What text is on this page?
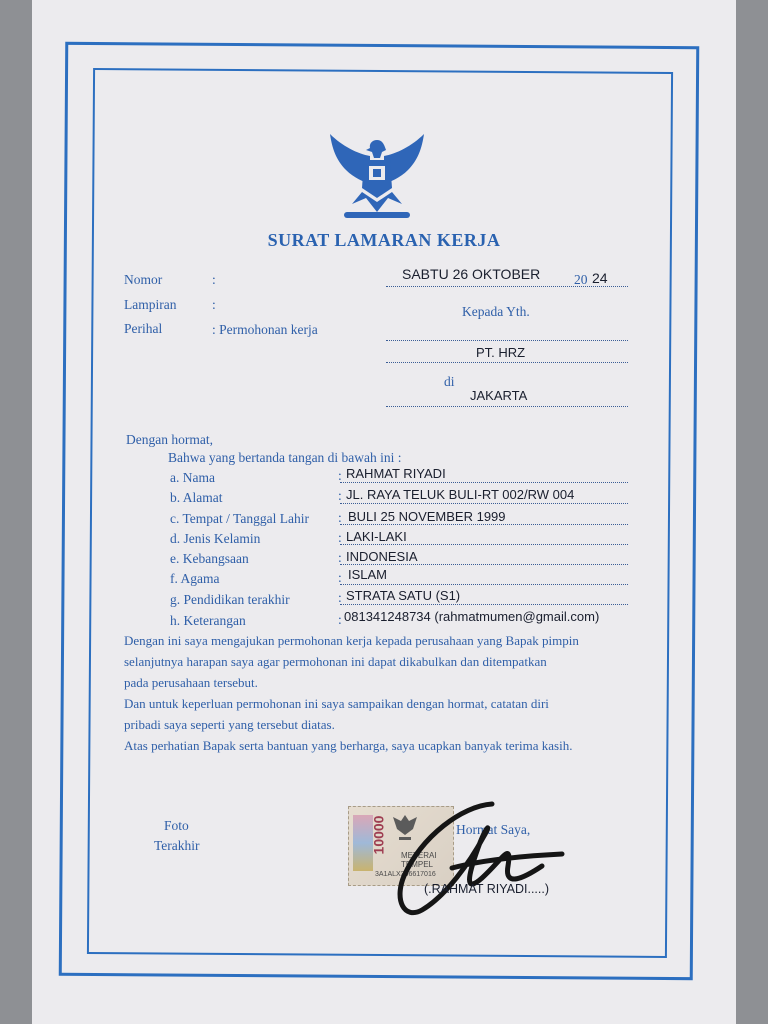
SURAT LAMARAN KERJA
Nomor	:
Lampiran	:
Perihal	: Permohonan kerja
SABTU 26 OKTOBER	20 24
Kepada Yth.
PT. HRZ
di
JAKARTA
Dengan hormat,
Bahwa yang bertanda tangan di bawah ini :
a. Nama	: RAHMAT RIYADI
b. Alamat	: JL. RAYA TELUK BULI-RT 002/RW 004
c. Tempat / Tanggal Lahir : BULI 25 NOVEMBER 1999
d. Jenis Kelamin	: LAKI-LAKI
e. Kebangsaan	: INDONESIA
f. Agama	: ISLAM
g. Pendidikan terakhir	: STRATA SATU (S1)
h. Keterangan	: 081341248734 (rahmatmumen@gmail.com)
Dengan ini saya mengajukan permohonan kerja kepada perusahaan yang Bapak pimpin
selanjutnya harapan saya agar permohonan ini dapat dikabulkan dan ditempatkan
pada perusahaan tersebut.
Dan untuk keperluan permohonan ini saya sampaikan dengan hormat, catatan diri
pribadi saya seperti yang tersebut diatas.
Atas perhatian Bapak serta bantuan yang berharga, saya ucapkan banyak terima kasih.
Foto
Terakhir	10000
METERAI
TEMPEL
3A1ALX306617016
Hormat Saya,
(.RAHMAT RIYADI.....)
